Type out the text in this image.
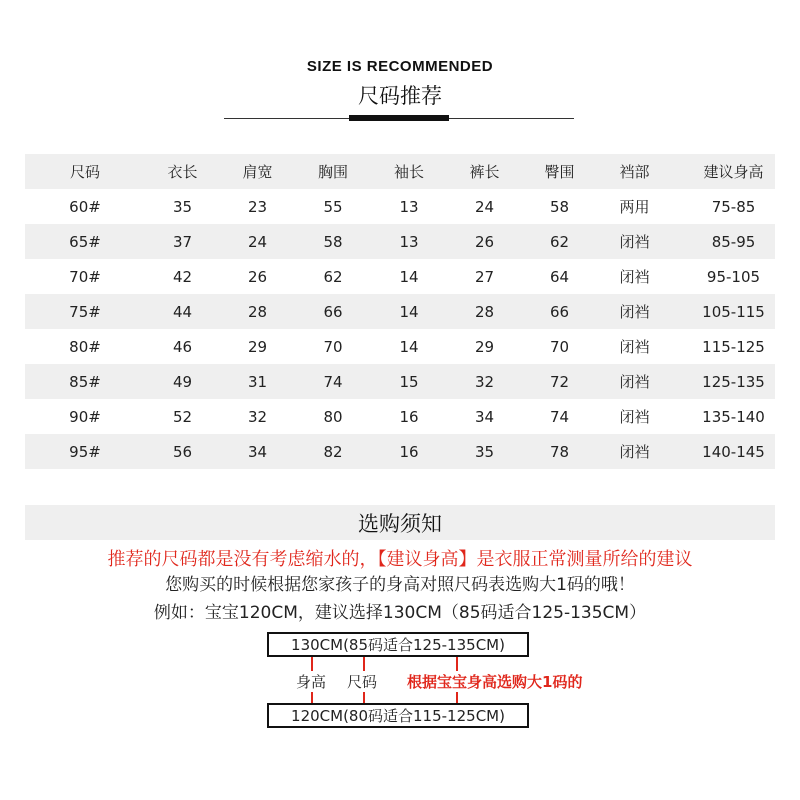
SIZE IS RECOMMENDED
尺码推荐
尺码	衣长	肩宽	胸围	袖长	裤长	臀围	裆部	建议身高
60#	35	23	55	13	24	58	两用	75-85
65#	37	24	58	13	26	62	闭裆	85-95
70#	42	26	62	14	27	64	闭裆	95-105
75#	44	28	66	14	28	66	闭裆	105-115
80#	46	29	70	14	29	70	闭裆	115-125
85#	49	31	74	15	32	72	闭裆	125-135
90#	52	32	80	16	34	74	闭裆	135-140
95#	56	34	82	16	35	78	闭裆	140-145
选购须知
推荐的尺码都是没有考虑缩水的，【建议身高】是衣服正常测量所给的建议
您购买的时候根据您家孩子的身高对照尺码表选购大1码的哦！
例如：宝宝120CM，建议选择130CM（85码适合125-135CM）
130CM(85码适合125-135CM)
120CM(80码适合115-125CM)
身高 尺码 根据宝宝身高选购大1码的
